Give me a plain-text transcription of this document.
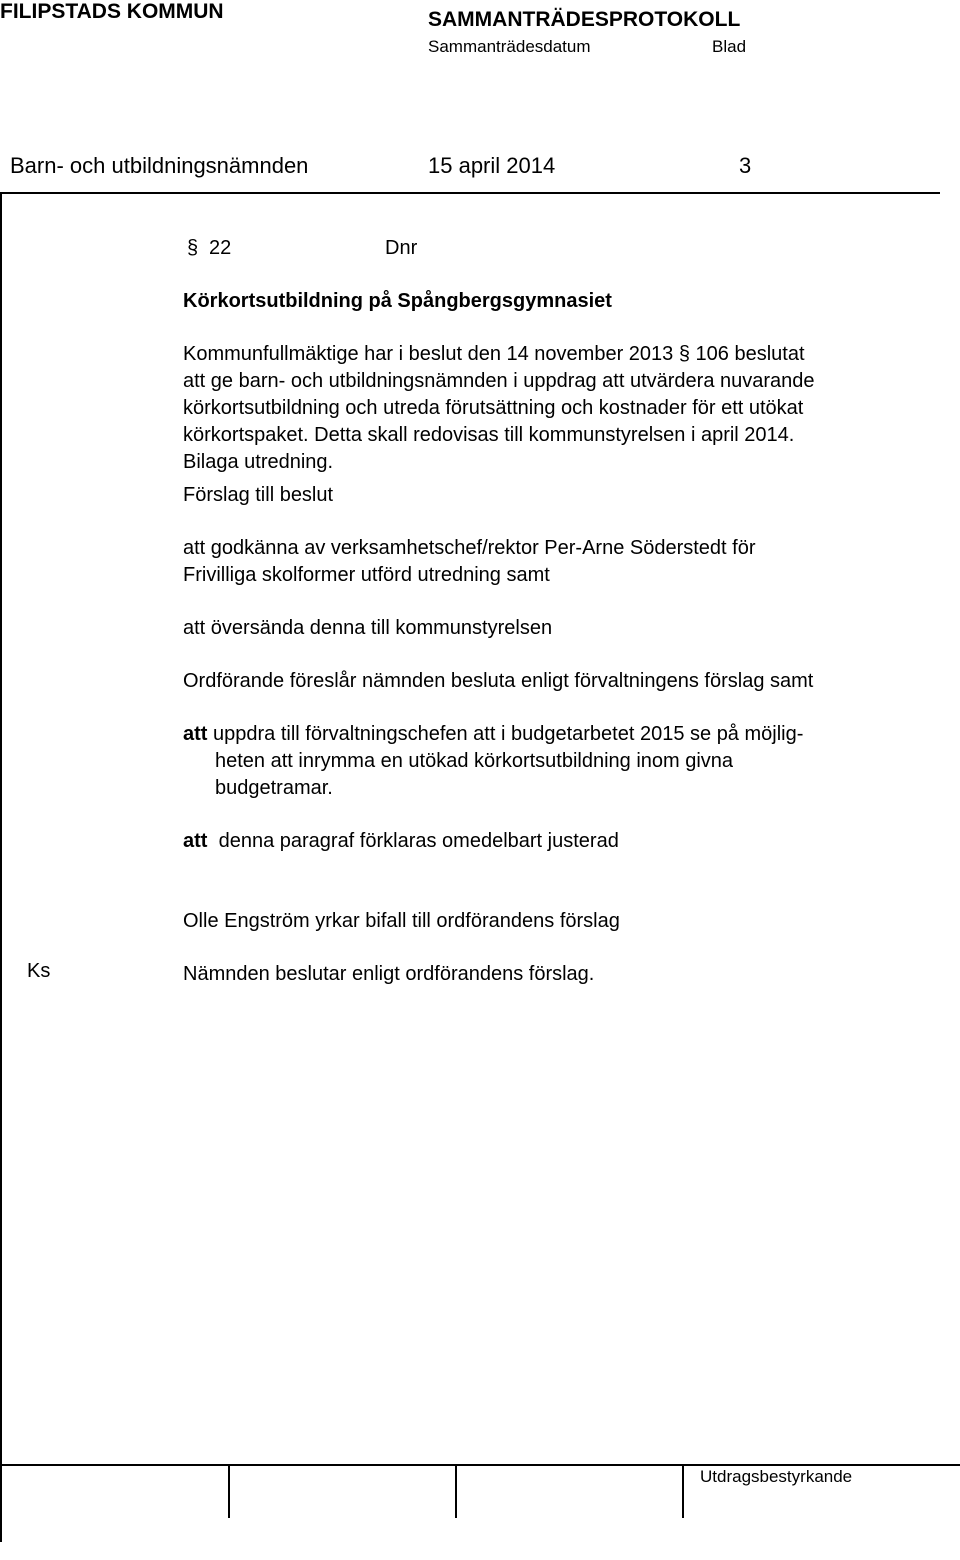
FILIPSTADS KOMMUN	SAMMANTRÄDESPROTOKOLL
Sammanträdesdatum	Blad
Barn- och utbildningsnämnden	15 april 2014	3
§ 22	Dnr
Körkortsutbildning på Spångbergsgymnasiet
Kommunfullmäktige har i beslut den 14 november 2013 § 106 beslutat
att ge barn- och utbildningsnämnden i uppdrag att utvärdera nuvarande
körkortsutbildning och utreda förutsättning och kostnader för ett utökat
körkortspaket. Detta skall redovisas till kommunstyrelsen i april 2014.
Bilaga utredning.
Förslag till beslut
att godkänna av verksamhetschef/rektor Per-Arne Söderstedt för
Frivilliga skolformer utförd utredning samt
att översända denna till kommunstyrelsen
Ordförande föreslår nämnden besluta enligt förvaltningens förslag samt
att uppdra till förvaltningschefen att i budgetarbetet 2015 se på möjlig-
heten att inrymma en utökad körkortsutbildning inom givna
budgetramar.
att denna paragraf förklaras omedelbart justerad
Olle Engström yrkar bifall till ordförandens förslag
Nämnden beslutar enligt ordförandens förslag.
Ks
Utdragsbestyrkande
